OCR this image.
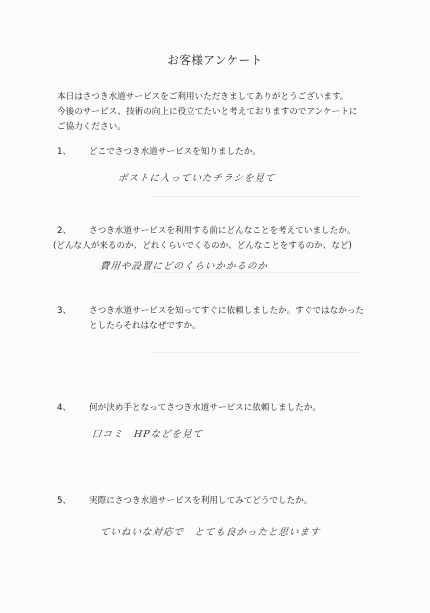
お客様アンケート
本日はさつき水道サービスをご利用いただきましてありがとうございます。
今後のサービス、技術の向上に役立てたいと考えておりますのでアンケートに
ご協力ください。
1、 どこでさつき水道サービスを知りましたか。
ポストに入っていたチラシを見て
2、 さつき水道サービスを利用する前にどんなことを考えていましたか。
(どんな人が来るのか、どれくらいでくるのか、どんなことをするのか、など)
費用や設置にどのくらいかかるのか
3、 さつき水道サービスを知ってすぐに依頼しましたか。すぐではなかった
としたらそれはなぜですか。
4、 何が決め手となってさつき水道サービスに依頼しましたか。
口コミ　HPなどを見て
5、 実際にさつき水道サービスを利用してみてどうでしたか。
ていねいな対応で　とても良かったと思います
